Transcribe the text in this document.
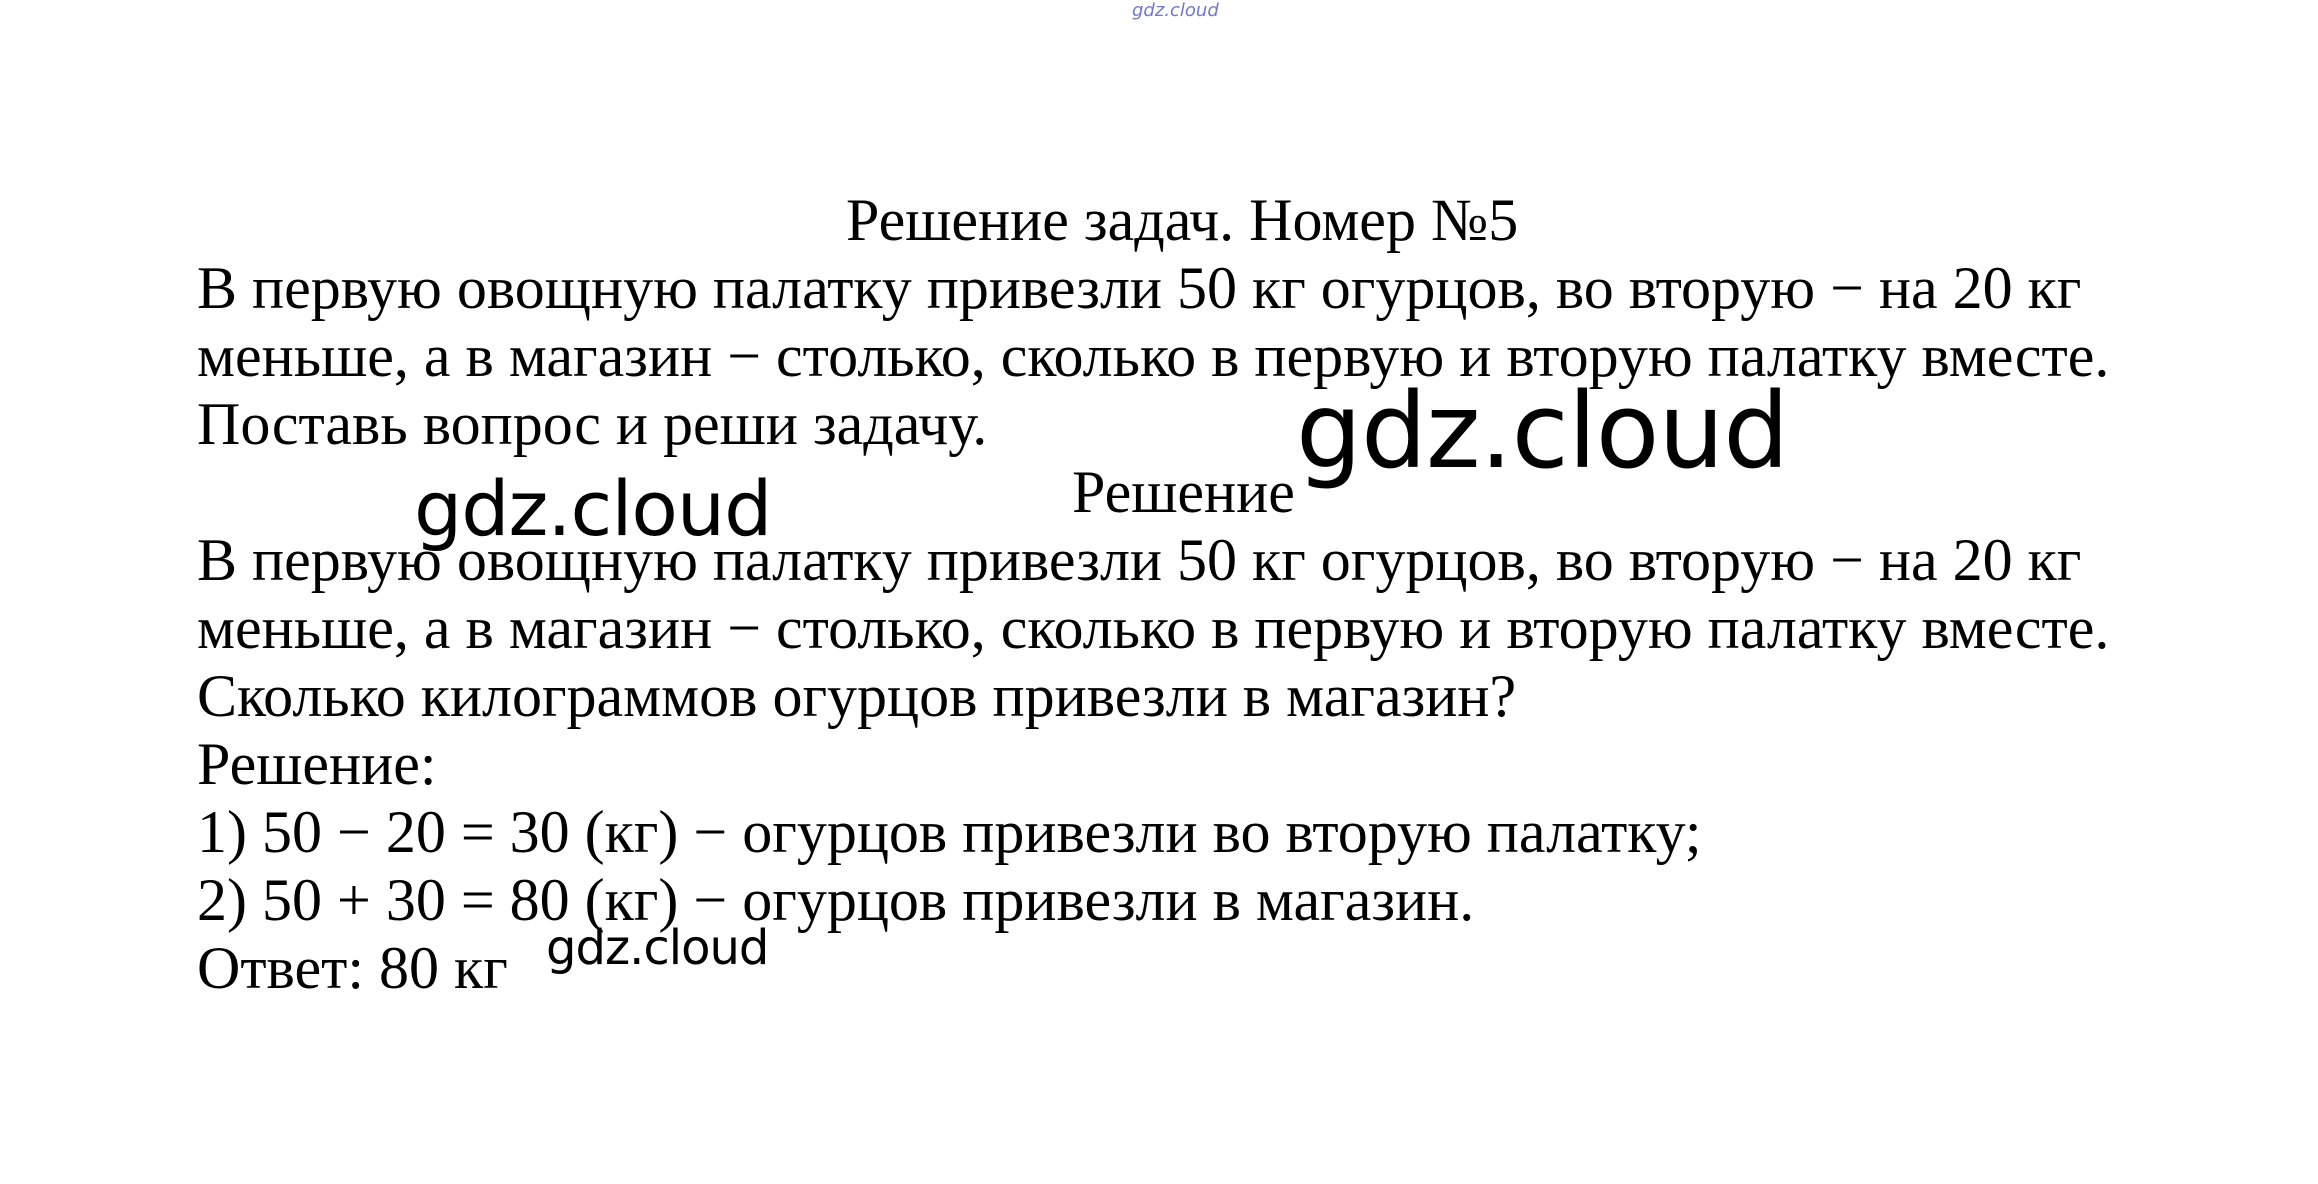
gdz.cloud
Решение задач. Номер №5
В первую овощную палатку привезли 50 кг огурцов, во вторую − на 20 кг
меньше, а в магазин − столько, сколько в первую и вторую палатку вместе.
Поставь вопрос и реши задачу.	gdz.cloud
Решение
gdz.cloud
В первую овощную палатку привезли 50 кг огурцов, во вторую − на 20 кг
меньше, а в магазин − столько, сколько в первую и вторую палатку вместе.
Сколько килограммов огурцов привезли в магазин?
Решение:
1) 50 − 20 = 30 (кг) − огурцов привезли во вторую палатку;
2) 50 + 30 = 80 (кг) − огурцов привезли в магазин.
Ответ: 80 кг gdz.cloud
